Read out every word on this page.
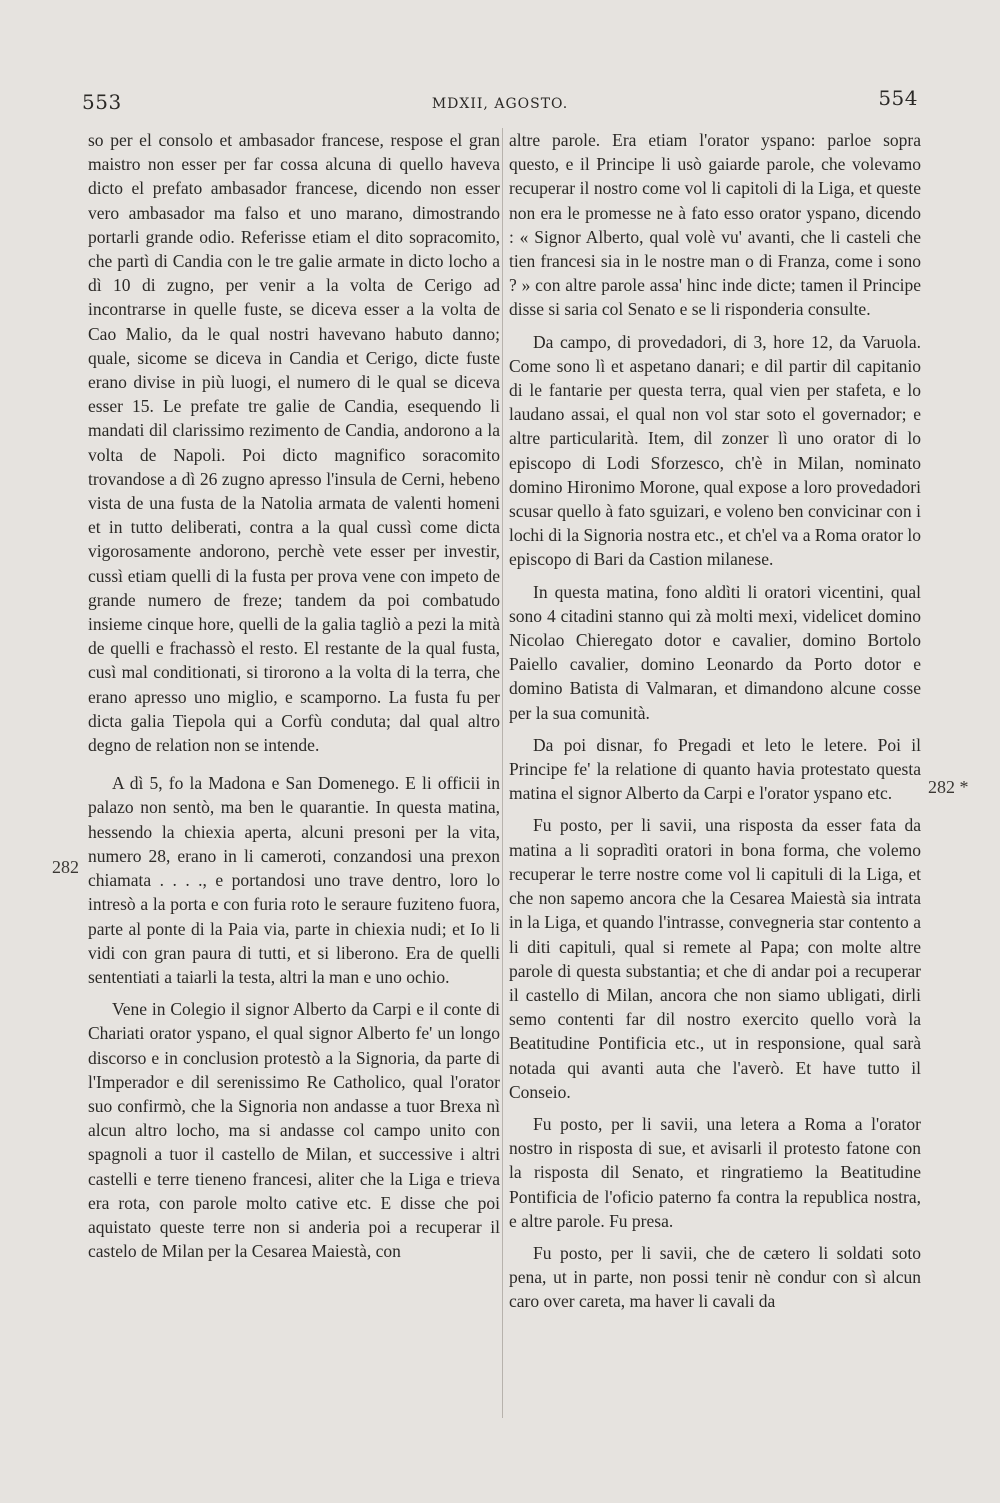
553	MDXII, AGOSTO.	554
282
282 *

so per el consolo et ambasador francese, respose el gran maistro non esser per far cossa alcuna di quello haveva dicto el prefato ambasador francese, dicendo non esser vero ambasador ma falso et uno marano, dimostrando portarli grande odio. Referisse etiam el dito sopracomito, che partì di Candia con le tre galie armate in dicto locho a dì 10 di zugno, per venir a la volta de Cerigo ad incontrarse in quelle fuste, se diceva esser a la volta de Cao Malio, da le qual nostri havevano habuto danno; quale, sicome se diceva in Candia et Cerigo, dicte fuste erano divise in più luogi, el numero di le qual se diceva esser 15. Le prefate tre galie de Candia, esequendo li mandati dil clarissimo rezimento de Candia, andorono a la volta de Napoli. Poi dicto magnifico soracomito trovandose a dì 26 zugno apresso l'insula de Cerni, hebeno vista de una fusta de la Natolia armata de valenti homeni et in tutto deliberati, contra a la qual cussì come dicta vigorosamente andorono, perchè vete esser per investir, cussì etiam quelli di la fusta per prova vene con impeto de grande numero de freze; tandem da poi combatudo insieme cinque hore, quelli de la galia tagliò a pezi la mità de quelli e frachassò el resto. El restante de la qual fusta, cusì mal conditionati, si tirorono a la volta di la terra, che erano apresso uno miglio, e scamporno. La fusta fu per dicta galia Tiepola qui a Corfù conduta; dal qual altro degno de relation non se intende.

A dì 5, fo la Madona e San Domenego. E li officii in palazo non sentò, ma ben le quarantie. In questa matina, hessendo la chiexia aperta, alcuni presoni per la vita, numero 28, erano in li cameroti, conzandosi una prexon chiamata . . . ., e portandosi uno trave dentro, loro lo intresò a la porta e con furia roto le seraure fuziteno fuora, parte al ponte di la Paia via, parte in chiexia nudi; et Io li vidi con gran paura di tutti, et si liberono. Era de quelli sententiati a taiarli la testa, altri la man e uno ochio.

Vene in Colegio il signor Alberto da Carpi e il conte di Chariati orator yspano, el qual signor Alberto fe' un longo discorso e in conclusion protestò a la Signoria, da parte di l'Imperador e dil serenissimo Re Catholico, qual l'orator suo confirmò, che la Signoria non andasse a tuor Brexa nì alcun altro locho, ma si andasse col campo unito con spagnoli a tuor il castello de Milan, et successive i altri castelli e terre tieneno francesi, aliter che la Liga e trieva era rota, con parole molto cative etc. E disse che poi aquistato queste terre non si anderia poi a recuperar il castelo de Milan per la Cesarea Maiestà, con

altre parole. Era etiam l'orator yspano: parloe sopra questo, e il Principe li usò gaiarde parole, che volevamo recuperar il nostro come vol li capitoli di la Liga, et queste non era le promesse ne à fato esso orator yspano, dicendo : « Signor Alberto, qual volè vu' avanti, che li casteli che tien francesi sia in le nostre man o di Franza, come i sono ? » con altre parole assa' hinc inde dicte; tamen il Principe disse si saria col Senato e se li risponderia consulte.

Da campo, di provedadori, di 3, hore 12, da Varuola. Come sono lì et aspetano danari; e dil partir dil capitanio di le fantarie per questa terra, qual vien per stafeta, e lo laudano assai, el qual non vol star soto el governador; e altre particularità. Item, dil zonzer lì uno orator di lo episcopo di Lodi Sforzesco, ch'è in Milan, nominato domino Hironimo Morone, qual expose a loro provedadori scusar quello à fato sguizari, e voleno ben convicinar con i lochi di la Signoria nostra etc., et ch'el va a Roma orator lo episcopo di Bari da Castion milanese.

In questa matina, fono aldìti li oratori vicentini, qual sono 4 citadini stanno qui zà molti mexi, videlicet domino Nicolao Chieregato dotor e cavalier, domino Bortolo Paiello cavalier, domino Leonardo da Porto dotor e domino Batista di Valmaran, et dimandono alcune cosse per la sua comunità.

Da poi disnar, fo Pregadi et leto le letere. Poi il Principe fe' la relatione di quanto havia protestato questa matina el signor Alberto da Carpi e l'orator yspano etc.

Fu posto, per li savii, una risposta da esser fata da matina a li sopradìti oratori in bona forma, che volemo recuperar le terre nostre come vol li capituli di la Liga, et che non sapemo ancora che la Cesarea Maiestà sia intrata in la Liga, et quando l'intrasse, convegneria star contento a li diti capituli, qual si remete al Papa; con molte altre parole di questa substantia; et che di andar poi a recuperar il castello di Milan, ancora che non siamo ubligati, dirli semo contenti far dil nostro exercito quello vorà la Beatitudine Pontificia etc., ut in responsione, qual sarà notada qui avanti auta che l'averò. Et have tutto il Conseio.

Fu posto, per li savii, una letera a Roma a l'orator nostro in risposta di sue, et avisarli il protesto fatone con la risposta dil Senato, et ringratiemo la Beatitudine Pontificia de l'oficio paterno fa contra la republica nostra, e altre parole. Fu presa.

Fu posto, per li savii, che de cætero li soldati soto pena, ut in parte, non possi tenir nè condur con sì alcun caro over careta, ma haver li cavali da
